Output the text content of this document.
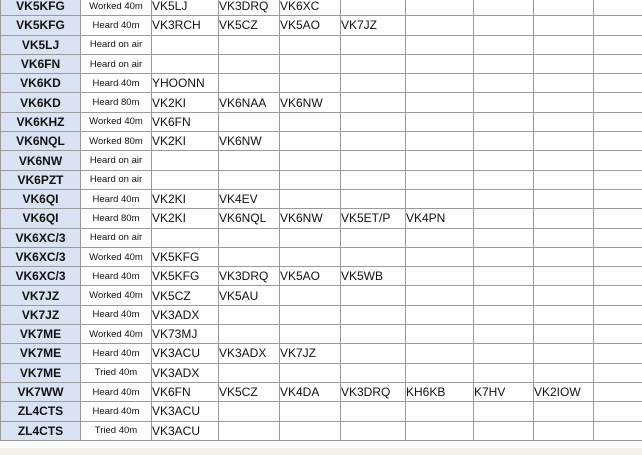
VK5KFG	Worked 40m	VK5LJ	VK3DRQ	VK6XC					
VK5KFG	Heard 40m	VK3RCH	VK5CZ	VK5AO	VK7JZ				
VK5LJ	Heard on air								
VK6FN	Heard on air								
VK6KD	Heard 40m	YHOONN							
VK6KD	Heard 80m	VK2KI	VK6NAA	VK6NW					
VK6KHZ	Worked 40m	VK6FN							
VK6NQL	Worked 80m	VK2KI	VK6NW						
VK6NW	Heard on air								
VK6PZT	Heard on air								
VK6QI	Heard 40m	VK2KI	VK4EV						
VK6QI	Heard 80m	VK2KI	VK6NQL	VK6NW	VK5ET/P	VK4PN			
VK6XC/3	Heard on air								
VK6XC/3	Worked 40m	VK5KFG							
VK6XC/3	Heard 40m	VK5KFG	VK3DRQ	VK5AO	VK5WB				
VK7JZ	Worked 40m	VK5CZ	VK5AU						
VK7JZ	Heard 40m	VK3ADX							
VK7ME	Worked 40m	VK73MJ							
VK7ME	Heard 40m	VK3ACU	VK3ADX	VK7JZ					
VK7ME	Tried 40m	VK3ADX							
VK7WW	Heard 40m	VK6FN	VK5CZ	VK4DA	VK3DRQ	KH6KB	K7HV	VK2IOW	
ZL4CTS	Heard 40m	VK3ACU							
ZL4CTS	Tried 40m	VK3ACU							
